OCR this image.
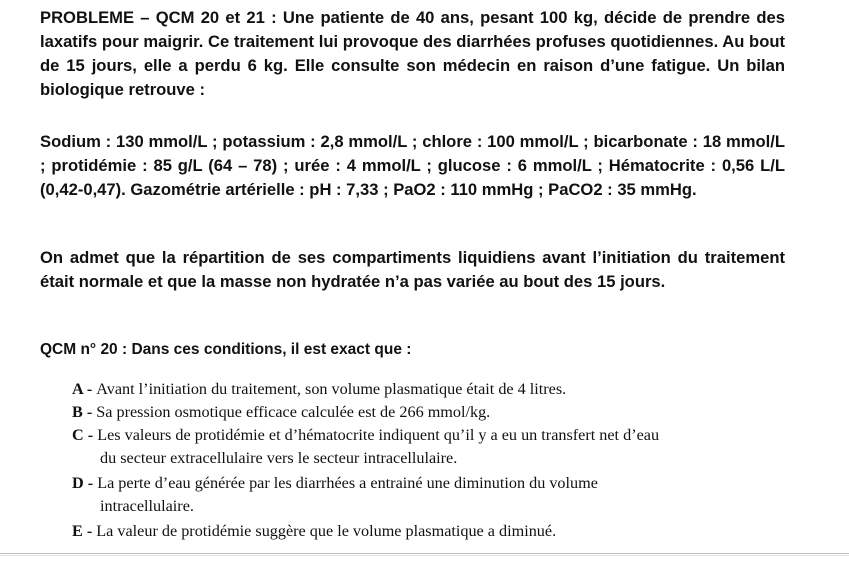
PROBLEME – QCM 20 et 21 : Une patiente de 40 ans, pesant 100 kg, décide de prendre des laxatifs pour maigrir. Ce traitement lui provoque des diarrhées profuses quotidiennes. Au bout de 15 jours, elle a perdu 6 kg. Elle consulte son médecin en raison d’une fatigue. Un bilan biologique retrouve :

Sodium : 130 mmol/L ; potassium : 2,8 mmol/L ; chlore : 100 mmol/L ; bicarbonate : 18 mmol/L ; protidémie : 85 g/L (64 – 78) ; urée : 4 mmol/L ; glucose : 6 mmol/L ; Hématocrite : 0,56 L/L (0,42-0,47). Gazométrie artérielle : pH : 7,33 ; PaO2 : 110 mmHg ; PaCO2 : 35 mmHg.

On admet que la répartition de ses compartiments liquidiens avant l’initiation du traitement était normale et que la masse non hydratée n’a pas variée au bout des 15 jours.

QCM n° 20 : Dans ces conditions, il est exact que :
A - Avant l’initiation du traitement, son volume plasmatique était de 4 litres.
B - Sa pression osmotique efficace calculée est de 266 mmol/kg.
C - Les valeurs de protidémie et d’hématocrite indiquent qu’il y a eu un transfert net d’eau
du secteur extracellulaire vers le secteur intracellulaire.
D - La perte d’eau générée par les diarrhées a entrainé une diminution du volume
intracellulaire.
E - La valeur de protidémie suggère que le volume plasmatique a diminué.
